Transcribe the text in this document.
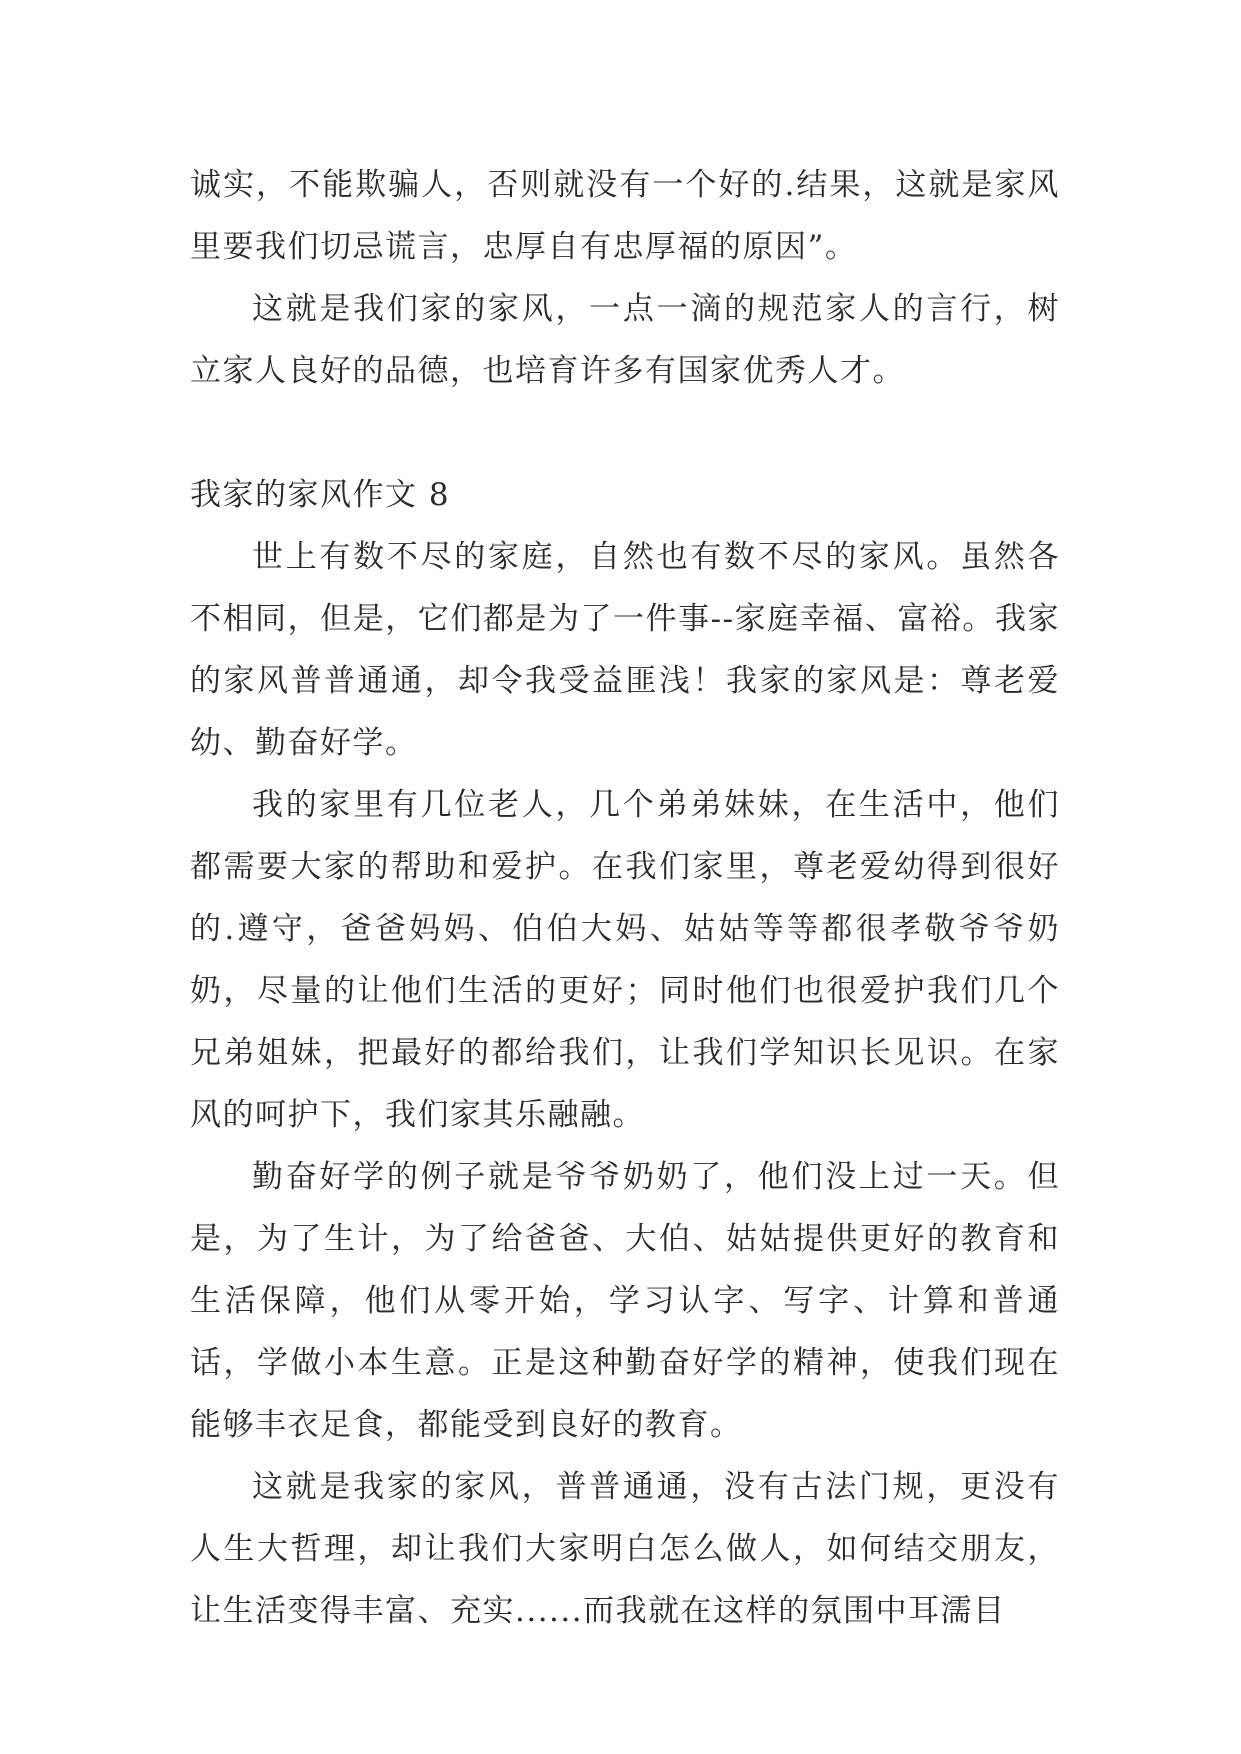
诚实，不能欺骗人，否则就没有一个好的.结果，这就是家风里要我们切忌谎言，忠厚自有忠厚福的原因”。

这就是我们家的家风，一点一滴的规范家人的言行，树立家人良好的品德，也培育许多有国家优秀人才。

我家的家风作文 8

世上有数不尽的家庭，自然也有数不尽的家风。虽然各不相同，但是，它们都是为了一件事--家庭幸福、富裕。我家的家风普普通通，却令我受益匪浅！我家的家风是：尊老爱幼、勤奋好学。

我的家里有几位老人，几个弟弟妹妹，在生活中，他们都需要大家的帮助和爱护。在我们家里，尊老爱幼得到很好的.遵守，爸爸妈妈、伯伯大妈、姑姑等等都很孝敬爷爷奶奶，尽量的让他们生活的更好；同时他们也很爱护我们几个兄弟姐妹，把最好的都给我们，让我们学知识长见识。在家风的呵护下，我们家其乐融融。

勤奋好学的例子就是爷爷奶奶了，他们没上过一天。但是，为了生计，为了给爸爸、大伯、姑姑提供更好的教育和生活保障，他们从零开始，学习认字、写字、计算和普通话，学做小本生意。正是这种勤奋好学的精神，使我们现在能够丰衣足食，都能受到良好的教育。

这就是我家的家风，普普通通，没有古法门规，更没有人生大哲理，却让我们大家明白怎么做人，如何结交朋友，让生活变得丰富、充实......而我就在这样的氛围中耳濡目
